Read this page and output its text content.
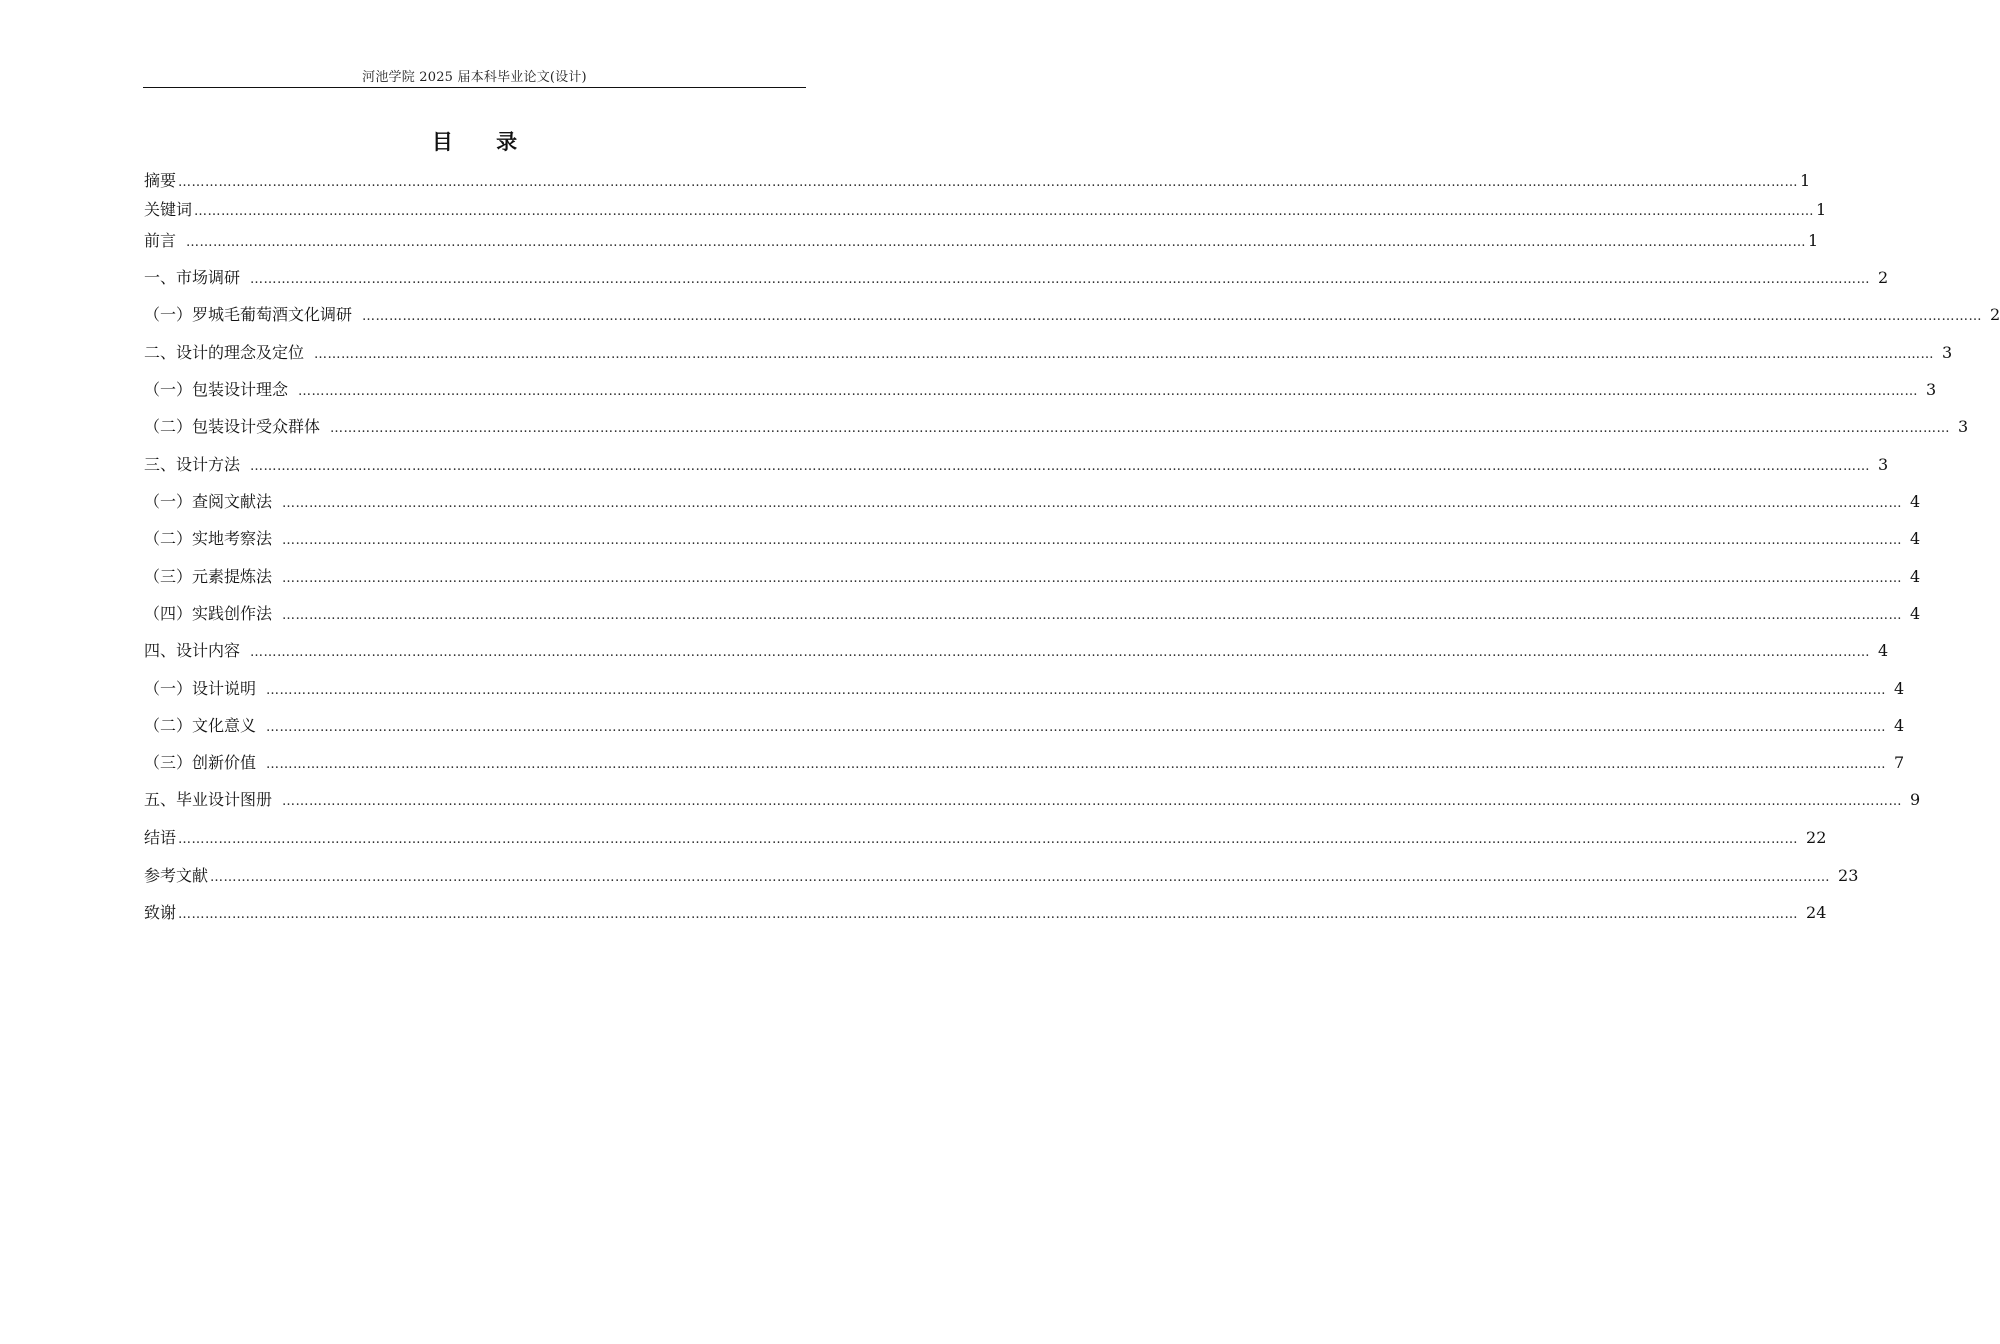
河池学院 2025 届本科毕业论文(设计)
目 录
摘要 ……………………………………………………………………………………………………………………………………………………………………………………………………………………………………………………………………………………………………………………………… 1
关键词 ……………………………………………………………………………………………………………………………………………………………………………………………………………………………………………………………………………………………………………………………… 1
前言 ……………………………………………………………………………………………………………………………………………………………………………………………………………………………………………………………………………………………………………………………… 1
一、市场调研 ……………………………………………………………………………………………………………………………………………………………………………………………………………………………………………………………………………………………………………………………… 2
（一）罗城毛葡萄酒文化调研 ……………………………………………………………………………………………………………………………………………………………………………………………………………………………………………………………………………………………………………………………… 2
二、设计的理念及定位 ……………………………………………………………………………………………………………………………………………………………………………………………………………………………………………………………………………………………………………………………… 3
（一）包装设计理念 ……………………………………………………………………………………………………………………………………………………………………………………………………………………………………………………………………………………………………………………………… 3
（二）包装设计受众群体 ……………………………………………………………………………………………………………………………………………………………………………………………………………………………………………………………………………………………………………………………… 3
三、设计方法 ……………………………………………………………………………………………………………………………………………………………………………………………………………………………………………………………………………………………………………………………… 3
（一）查阅文献法 ……………………………………………………………………………………………………………………………………………………………………………………………………………………………………………………………………………………………………………………………… 4
（二）实地考察法 ……………………………………………………………………………………………………………………………………………………………………………………………………………………………………………………………………………………………………………………………… 4
（三）元素提炼法 ……………………………………………………………………………………………………………………………………………………………………………………………………………………………………………………………………………………………………………………………… 4
（四）实践创作法 ……………………………………………………………………………………………………………………………………………………………………………………………………………………………………………………………………………………………………………………………… 4
四、设计内容 ……………………………………………………………………………………………………………………………………………………………………………………………………………………………………………………………………………………………………………………………… 4
（一）设计说明 ……………………………………………………………………………………………………………………………………………………………………………………………………………………………………………………………………………………………………………………………… 4
（二）文化意义 ……………………………………………………………………………………………………………………………………………………………………………………………………………………………………………………………………………………………………………………………… 4
（三）创新价值 ……………………………………………………………………………………………………………………………………………………………………………………………………………………………………………………………………………………………………………………………… 7
五、毕业设计图册 ……………………………………………………………………………………………………………………………………………………………………………………………………………………………………………………………………………………………………………………………… 9
结语 ……………………………………………………………………………………………………………………………………………………………………………………………………………………………………………………………………………………………………………………………… 22
参考文献 ……………………………………………………………………………………………………………………………………………………………………………………………………………………………………………………………………………………………………………………………… 23
致谢 ……………………………………………………………………………………………………………………………………………………………………………………………………………………………………………………………………………………………………………………………… 24
